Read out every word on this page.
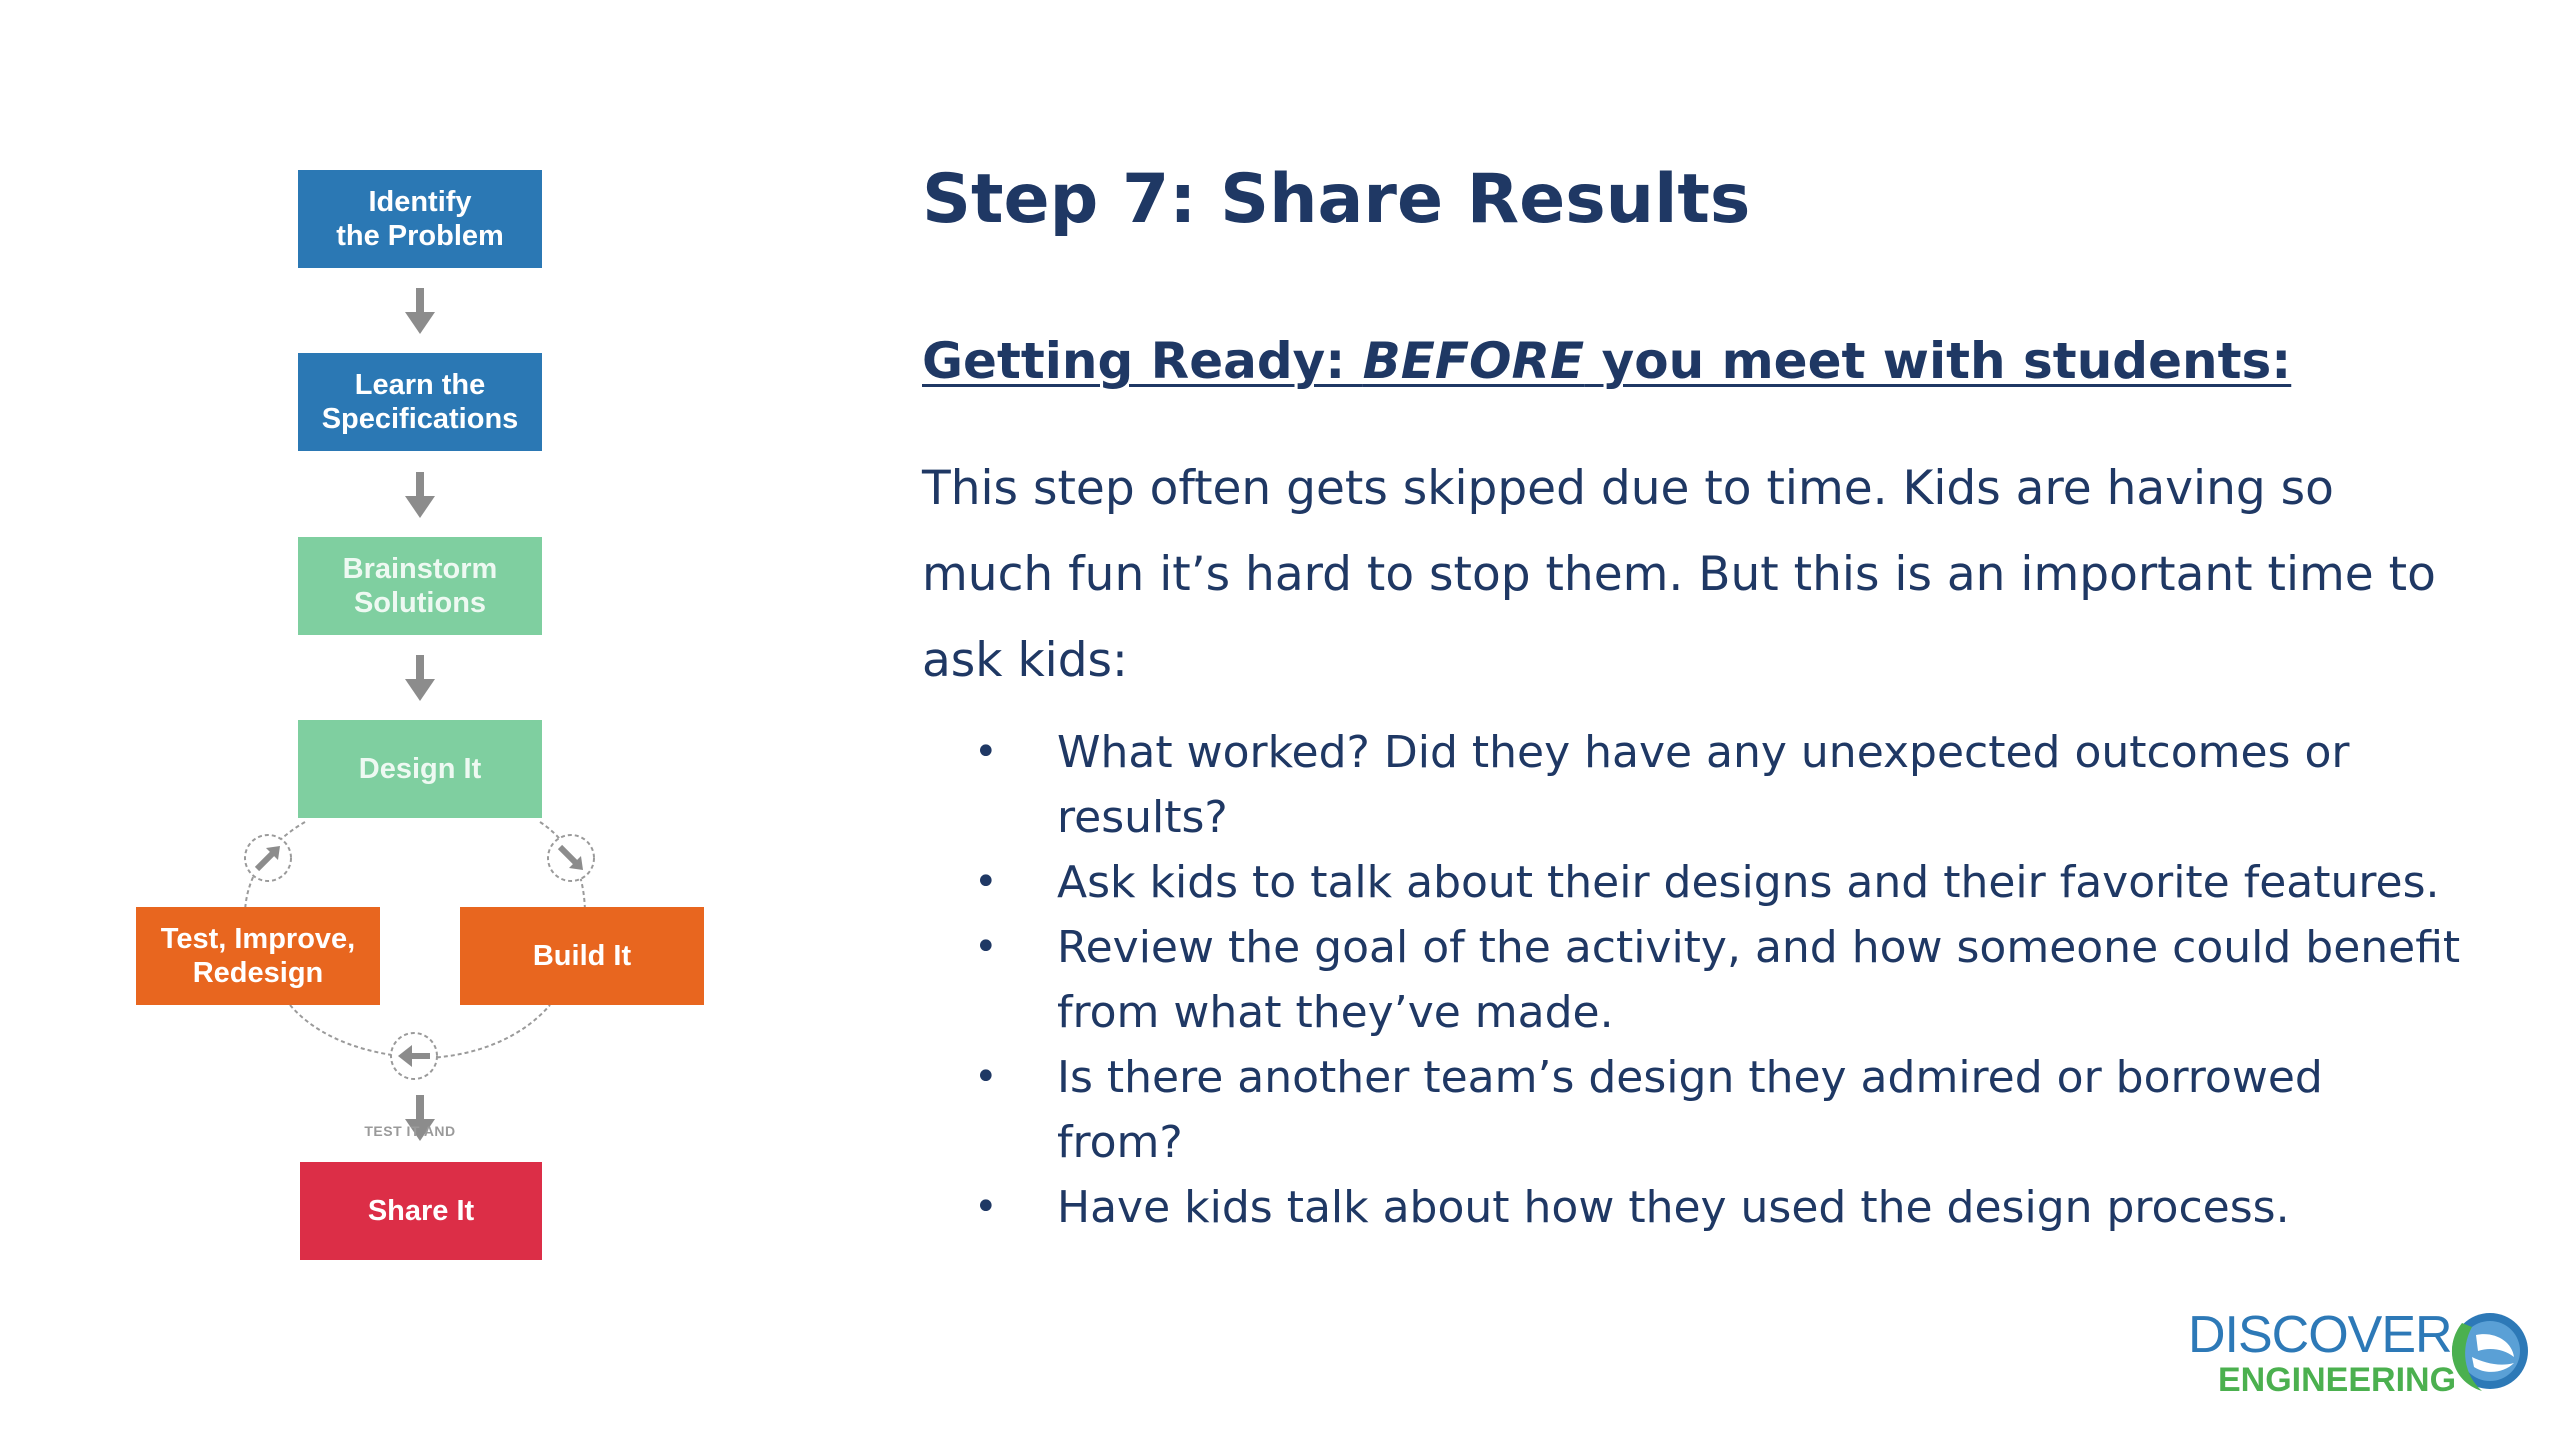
Identify
the Problem
Learn the
Specifications
Brainstorm
Solutions
Design It
Test, Improve,
Redesign
Build It
TEST IT AND
Share It
Step 7: Share Results
Getting Ready: BEFORE you meet with students:

This step often gets skipped due to time. Kids are having so much fun it’s hard to stop them. But this is an important time to ask kids:

• What worked? Did they have any unexpected outcomes or results?
• Ask kids to talk about their designs and their favorite features.
• Review the goal of the activity, and how someone could benefit from what they’ve made.
• Is there another team’s design they admired or borrowed from?
• Have kids talk about how they used the design process.
DISCOVER
ENGINEERING
